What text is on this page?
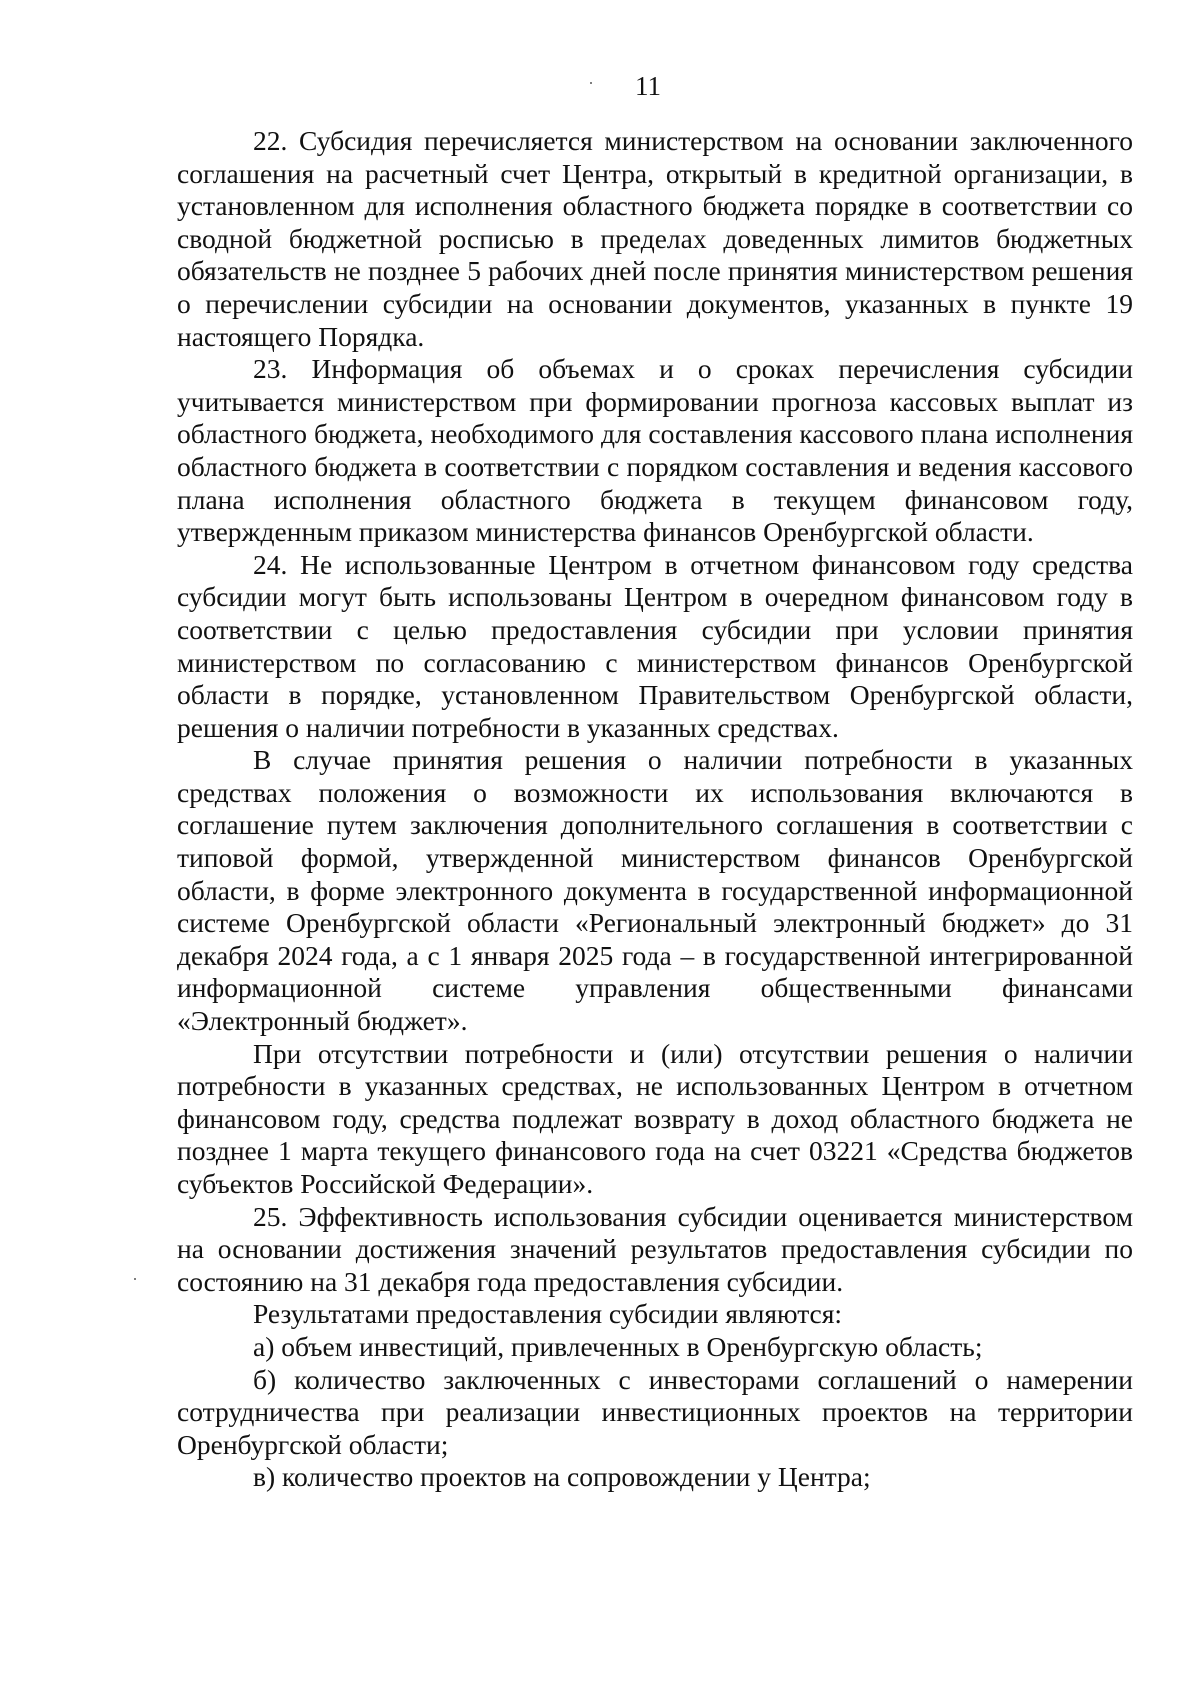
11

22. Субсидия перечисляется министерством на основании заключенного соглашения на расчетный счет Центра, открытый в кредитной организации, в установленном для исполнения областного бюджета порядке в соответствии со сводной бюджетной росписью в пределах доведенных лимитов бюджетных обязательств не позднее 5 рабочих дней после принятия министерством решения о перечислении субсидии на основании документов, указанных в пункте 19 настоящего Порядка.

23. Информация об объемах и о сроках перечисления субсидии учитывается министерством при формировании прогноза кассовых выплат из областного бюджета, необходимого для составления кассового плана исполнения областного бюджета в соответствии с порядком составления и ведения кассового плана исполнения областного бюджета в текущем финансовом году, утвержденным приказом министерства финансов Оренбургской области.

24. Не использованные Центром в отчетном финансовом году средства субсидии могут быть использованы Центром в очередном финансовом году в соответствии с целью предоставления субсидии при условии принятия министерством по согласованию с министерством финансов Оренбургской области в порядке, установленном Правительством Оренбургской области, решения о наличии потребности в указанных средствах.

В случае принятия решения о наличии потребности в указанных средствах положения о возможности их использования включаются в соглашение путем заключения дополнительного соглашения в соответствии с типовой формой, утвержденной министерством финансов Оренбургской области, в форме электронного документа в государственной информационной системе Оренбургской области «Региональный электронный бюджет» до 31 декабря 2024 года, а с 1 января 2025 года – в государственной интегрированной информационной системе управления общественными финансами «Электронный бюджет».

При отсутствии потребности и (или) отсутствии решения о наличии потребности в указанных средствах, не использованных Центром в отчетном финансовом году, средства подлежат возврату в доход областного бюджета не позднее 1 марта текущего финансового года на счет 03221 «Средства бюджетов субъектов Российской Федерации».

25. Эффективность использования субсидии оценивается министерством на основании достижения значений результатов предоставления субсидии по состоянию на 31 декабря года предоставления субсидии.

Результатами предоставления субсидии являются:

а) объем инвестиций, привлеченных в Оренбургскую область;

б) количество заключенных с инвесторами соглашений о намерении сотрудничества при реализации инвестиционных проектов на территории Оренбургской области;

в) количество проектов на сопровождении у Центра;
